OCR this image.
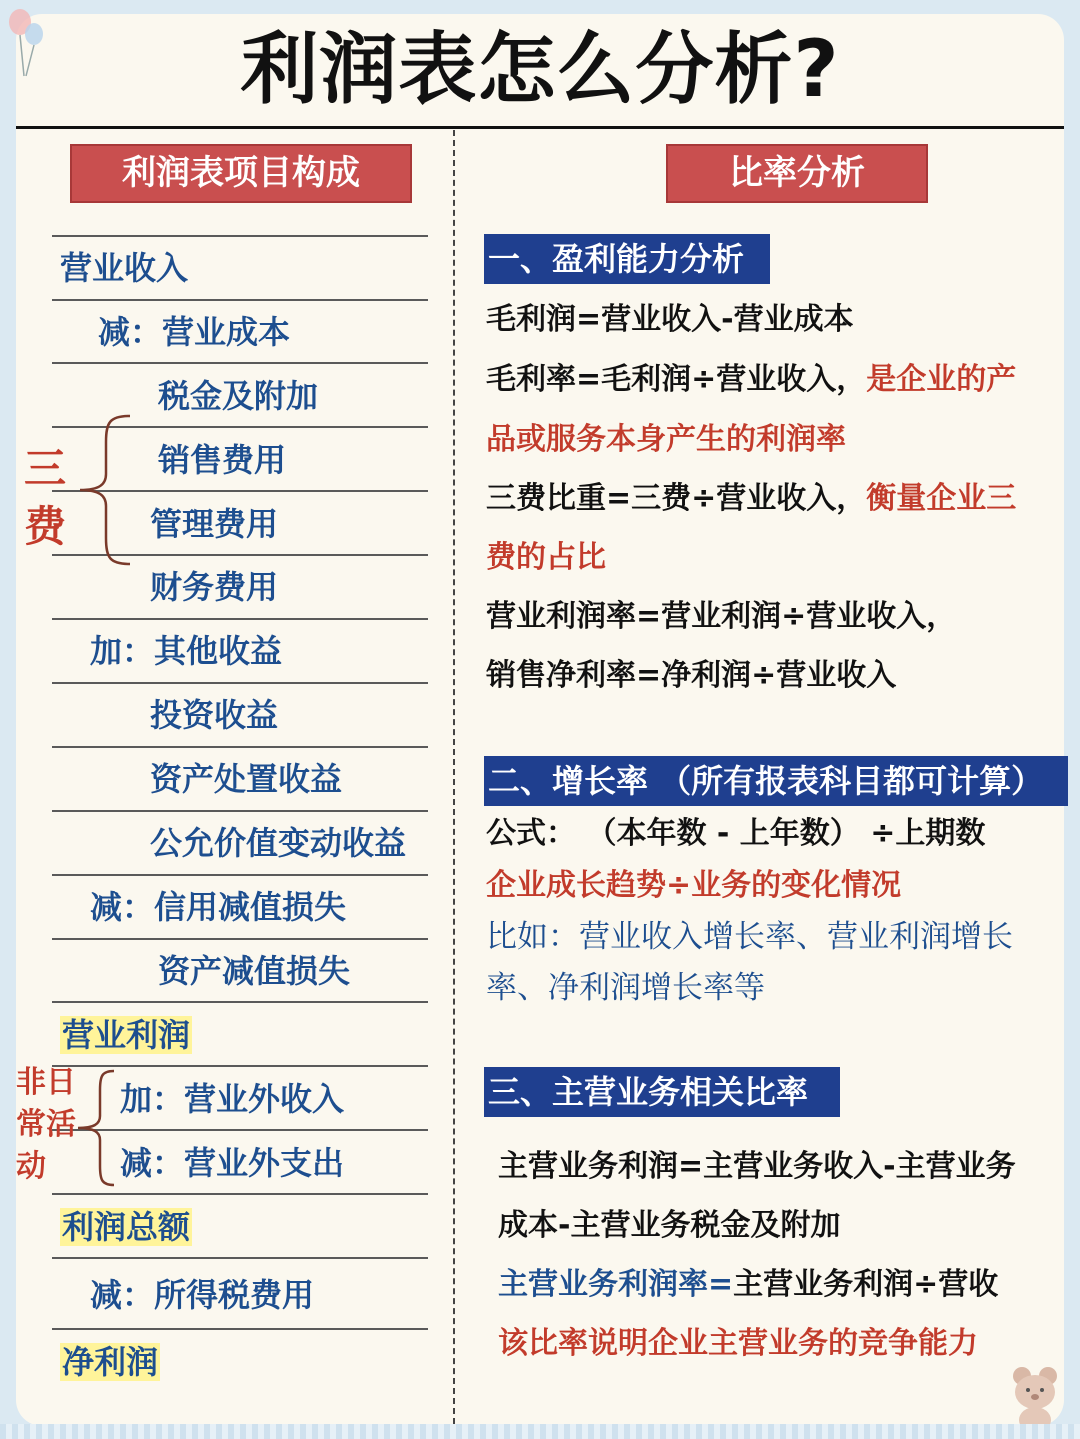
利润表怎么分析?
利润表项目构成
营业收入
减：营业成本
税金及附加
销售费用
管理费用
财务费用
加：其他收益
投资收益
资产处置收益
公允价值变动收益
减：信用减值损失
资产减值损失
营业利润
加：营业外收入
减：营业外支出
利润总额
减：所得税费用
净利润
三
费
非日
常活
动
比率分析
一、盈利能力分析
毛利润=营业收入-营业成本
毛利率=毛利润÷营业收入，是企业的产
品或服务本身产生的利润率
三费比重=三费÷营业收入，衡量企业三
费的占比
营业利润率=营业利润÷营业收入，
销售净利率=净利润÷营业收入
二、增长率 （所有报表科目都可计算）
公式： （本年数 - 上年数） ÷上期数
企业成长趋势÷业务的变化情况
比如：营业收入增长率、营业利润增长
率、净利润增长率等
三、主营业务相关比率
主营业务利润=主营业务收入-主营业务
成本-主营业务税金及附加
主营业务利润率=主营业务利润÷营收
该比率说明企业主营业务的竞争能力
